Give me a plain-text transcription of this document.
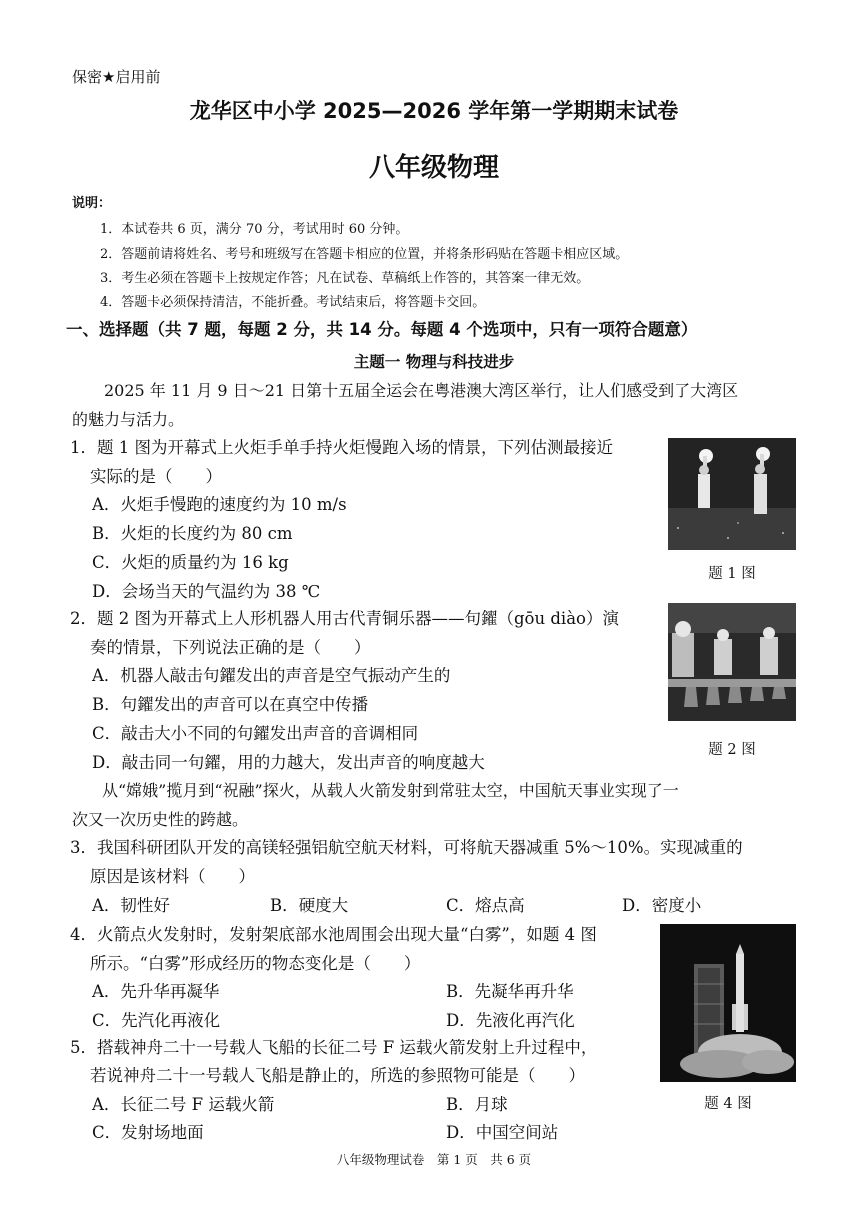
保密★启用前
龙华区中小学 2025—2026 学年第一学期期末试卷
八年级物理
说明：
1．本试卷共 6 页，满分 70 分，考试用时 60 分钟。
2．答题前请将姓名、考号和班级写在答题卡相应的位置，并将条形码贴在答题卡相应区域。
3．考生必须在答题卡上按规定作答；凡在试卷、草稿纸上作答的，其答案一律无效。
4．答题卡必须保持清洁，不能折叠。考试结束后，将答题卡交回。
一、选择题（共 7 题，每题 2 分，共 14 分。每题 4 个选项中，只有一项符合题意）
主题一 物理与科技进步
2025 年 11 月 9 日～21 日第十五届全运会在粤港澳大湾区举行，让人们感受到了大湾区
的魅力与活力。
1．题 1 图为开幕式上火炬手单手持火炬慢跑入场的情景，下列估测最接近
实际的是（　　）
A．火炬手慢跑的速度约为 10 m/s
B．火炬的长度约为 80 cm
C．火炬的质量约为 16 kg
D．会场当天的气温约为 38 ℃
题 1 图
2．题 2 图为开幕式上人形机器人用古代青铜乐器——句鑃（gōu diào）演
奏的情景，下列说法正确的是（　　）
A．机器人敲击句鑃发出的声音是空气振动产生的
B．句鑃发出的声音可以在真空中传播
C．敲击大小不同的句鑃发出声音的音调相同
D．敲击同一句鑃，用的力越大，发出声音的响度越大
题 2 图
从“嫦娥”揽月到“祝融”探火，从载人火箭发射到常驻太空，中国航天事业实现了一
次又一次历史性的跨越。
3．我国科研团队开发的高镁轻强铝航空航天材料，可将航天器减重 5%～10%。实现减重的
原因是该材料（　　）
A．韧性好	B．硬度大	C．熔点高	D．密度小
4．火箭点火发射时，发射架底部水池周围会出现大量“白雾”，如题 4 图
所示。“白雾”形成经历的物态变化是（　　）
A．先升华再凝华	B．先凝华再升华
C．先汽化再液化	D．先液化再汽化
题 4 图
5．搭载神舟二十一号载人飞船的长征二号 F 运载火箭发射上升过程中，
若说神舟二十一号载人飞船是静止的，所选的参照物可能是（　　）
A．长征二号 F 运载火箭	B．月球
C．发射场地面	D．中国空间站
八年级物理试卷　第 1 页　共 6 页
